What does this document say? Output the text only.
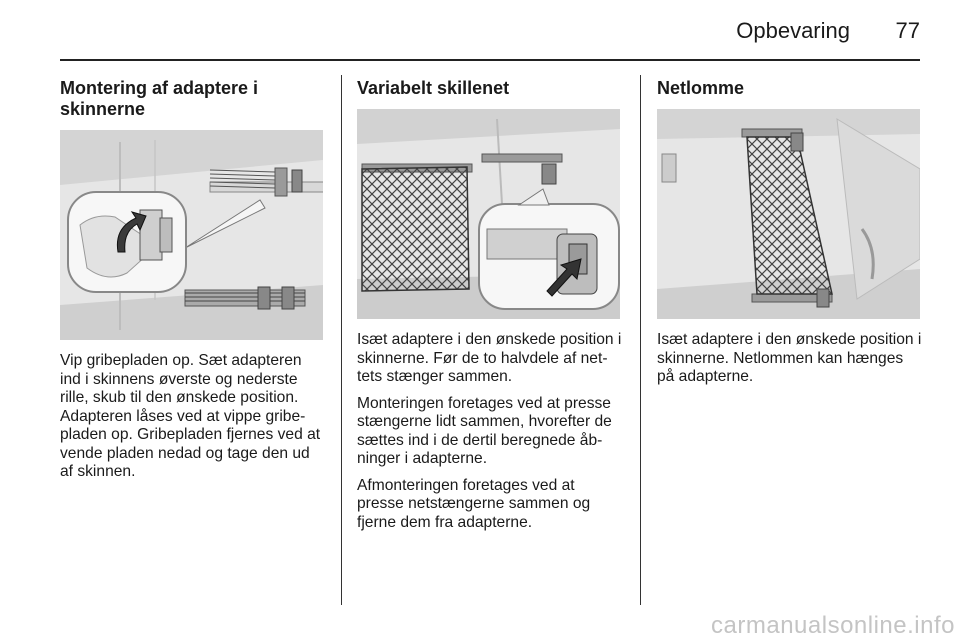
Opbevaring	77
Montering af adaptere i skinnerne

Vip gribepladen op. Sæt adapteren ind i skinnens øverste og nederste rille, skub til den ønskede position. Adapteren låses ved at vippe gribepladen op. Gribepladen fjernes ved at vende pladen nedad og tage den ud af skinnen.

Variabelt skillenet

Isæt adaptere i den ønskede position i skinnerne. Før de to halvdele af nettets stænger sammen.

Monteringen foretages ved at presse stængerne lidt sammen, hvorefter de sættes ind i de dertil beregnede åbninger i adapterne.

Afmonteringen foretages ved at presse netstængerne sammen og fjerne dem fra adapterne.

Netlomme

Isæt adaptere i den ønskede position i skinnerne. Netlommen kan hænges på adapterne.

carmanualsonline.info
